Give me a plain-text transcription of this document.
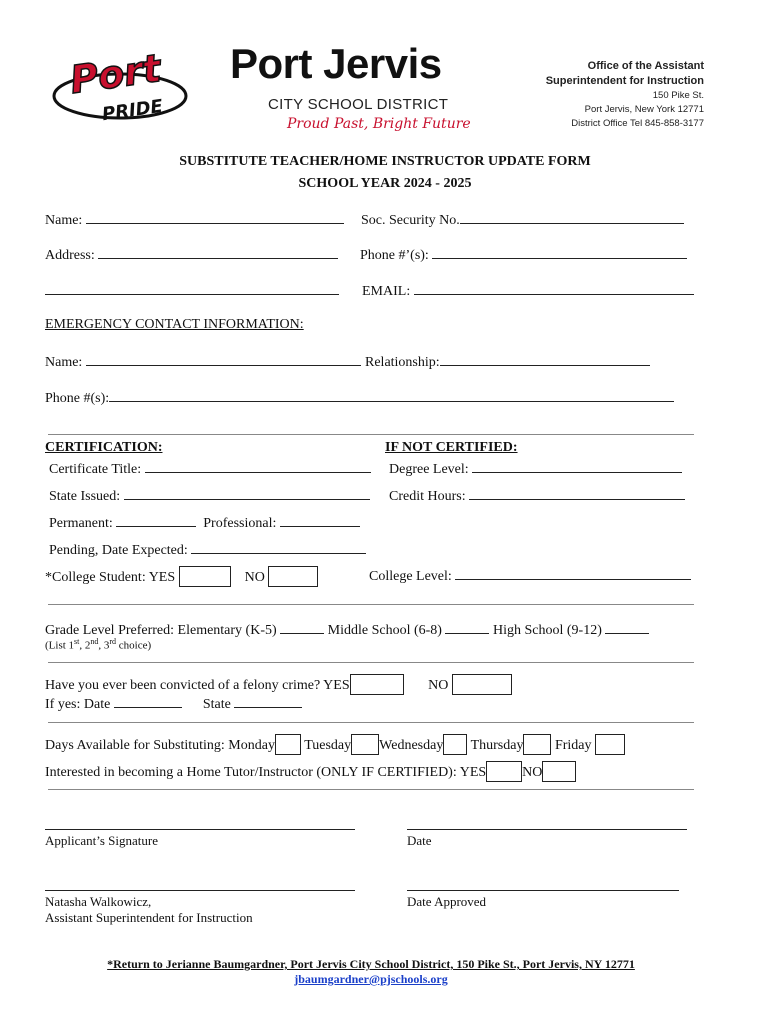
Port
PRIDE
Port Jervis
CITY SCHOOL DISTRICT
Proud Past, Bright Future
Office of the Assistant
Superintendent for Instruction
150 Pike St.
Port Jervis, New York 12771
District Office Tel 845-858-3177
SUBSTITUTE TEACHER/HOME INSTRUCTOR UPDATE FORM
SCHOOL YEAR 2024 - 2025
Name:	Soc. Security No.
Address:	Phone #’(s):
EMAIL:
EMERGENCY CONTACT INFORMATION:
Name:	Relationship:
Phone #(s):
CERTIFICATION:	IF NOT CERTIFIED:
Certificate Title:	Degree Level:
State Issued:	Credit Hours:
Permanent:	Professional:
Pending, Date Expected:
*College Student: YES	NO	College Level:
Grade Level Preferred: Elementary (K-5)	Middle School (6-8)	High School (9-12)
(List 1st, 2nd, 3rd choice)
Have you ever been convicted of a felony crime? YES	NO
If yes: Date	State
Days Available for Substituting: Monday Tuesday Wednesday Thursday Friday
Interested in becoming a Home Tutor/Instructor (ONLY IF CERTIFIED): YES	NO
Applicant’s Signature	Date
Natasha Walkowicz,
Assistant Superintendent for Instruction
Date Approved
*Return to Jerianne Baumgardner, Port Jervis City School District, 150 Pike St., Port Jervis, NY 12771
jbaumgardner@pjschools.org
